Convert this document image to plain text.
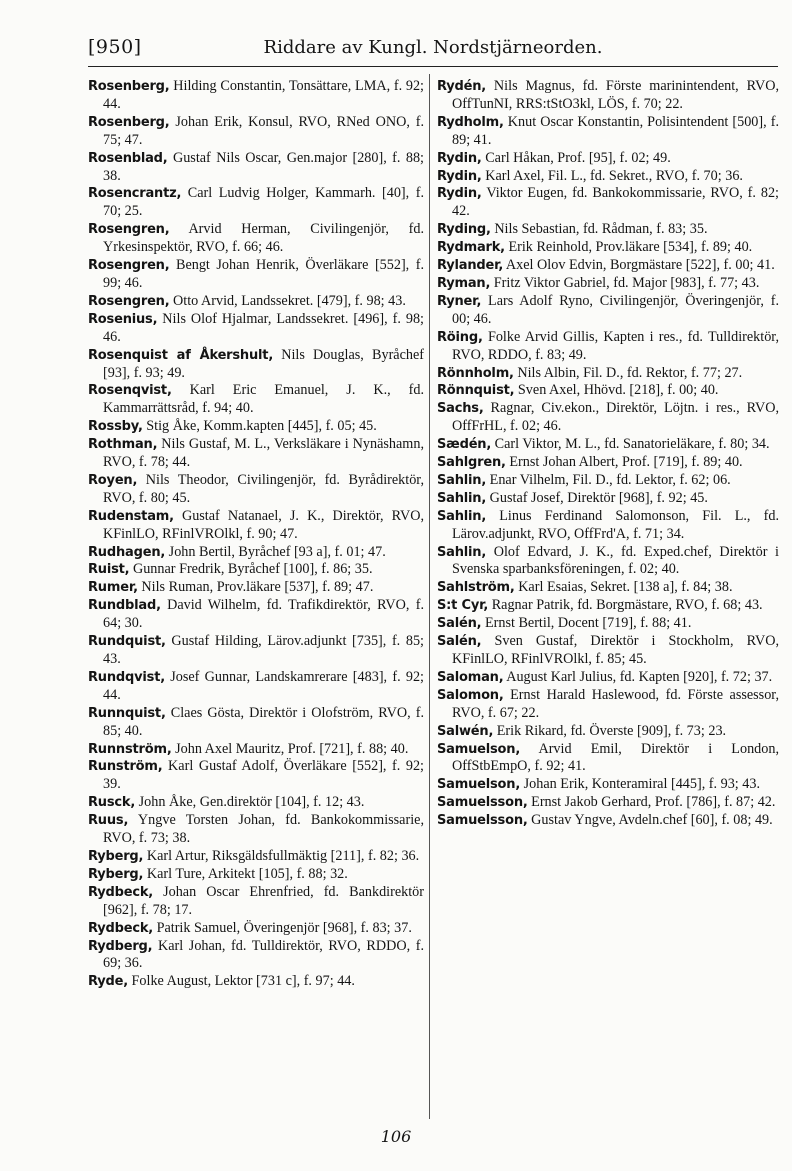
[950]	Riddare av Kungl. Nordstjärneorden.
Rosenberg, Hilding Constantin, Tonsättare, LMA, f. 92; 44.
Rosenberg, Johan Erik, Konsul, RVO, RNed ONO, f. 75; 47.
Rosenblad, Gustaf Nils Oscar, Gen.major [280], f. 88; 38.
Rosencrantz, Carl Ludvig Holger, Kammarh. [40], f. 70; 25.
Rosengren, Arvid Herman, Civilingenjör, fd. Yrkesinspektör, RVO, f. 66; 46.
Rosengren, Bengt Johan Henrik, Överläkare [552], f. 99; 46.
Rosengren, Otto Arvid, Landssekret. [479], f. 98; 43.
Rosenius, Nils Olof Hjalmar, Landssekret. [496], f. 98; 46.
Rosenquist af Åkershult, Nils Douglas, Byråchef [93], f. 93; 49.
Rosenqvist, Karl Eric Emanuel, J. K., fd. Kammarrättsråd, f. 94; 40.
Rossby, Stig Åke, Komm.kapten [445], f. 05; 45.
Rothman, Nils Gustaf, M. L., Verksläkare i Nynäshamn, RVO, f. 78; 44.
Royen, Nils Theodor, Civilingenjör, fd. Byrådirektör, RVO, f. 80; 45.
Rudenstam, Gustaf Natanael, J. K., Direktör, RVO, KFinlLO, RFinlVROlkl, f. 90; 47.
Rudhagen, John Bertil, Byråchef [93 a], f. 01; 47.
Ruist, Gunnar Fredrik, Byråchef [100], f. 86; 35.
Rumer, Nils Ruman, Prov.läkare [537], f. 89; 47.
Rundblad, David Wilhelm, fd. Trafikdirektör, RVO, f. 64; 30.
Rundquist, Gustaf Hilding, Lärov.adjunkt [735], f. 85; 43.
Rundqvist, Josef Gunnar, Landskamrerare [483], f. 92; 44.
Runnquist, Claes Gösta, Direktör i Olofström, RVO, f. 85; 40.
Runnström, John Axel Mauritz, Prof. [721], f. 88; 40.
Runström, Karl Gustaf Adolf, Överläkare [552], f. 92; 39.
Rusck, John Åke, Gen.direktör [104], f. 12; 43.
Ruus, Yngve Torsten Johan, fd. Bankokommissarie, RVO, f. 73; 38.
Ryberg, Karl Artur, Riksgäldsfullmäktig [211], f. 82; 36.
Ryberg, Karl Ture, Arkitekt [105], f. 88; 32.
Rydbeck, Johan Oscar Ehrenfried, fd. Bankdirektör [962], f. 78; 17.
Rydbeck, Patrik Samuel, Överingenjör [968], f. 83; 37.
Rydberg, Karl Johan, fd. Tulldirektör, RVO, RDDO, f. 69; 36.
Ryde, Folke August, Lektor [731 c], f. 97; 44.
Rydén, Nils Magnus, fd. Förste marinintendent, RVO, OffTunNI, RRS:tStO3kl, LÖS, f. 70; 22.
Rydholm, Knut Oscar Konstantin, Polisintendent [500], f. 89; 41.
Rydin, Carl Håkan, Prof. [95], f. 02; 49.
Rydin, Karl Axel, Fil. L., fd. Sekret., RVO, f. 70; 36.
Rydin, Viktor Eugen, fd. Bankokommissarie, RVO, f. 82; 42.
Ryding, Nils Sebastian, fd. Rådman, f. 83; 35.
Rydmark, Erik Reinhold, Prov.läkare [534], f. 89; 40.
Rylander, Axel Olov Edvin, Borgmästare [522], f. 00; 41.
Ryman, Fritz Viktor Gabriel, fd. Major [983], f. 77; 43.
Ryner, Lars Adolf Ryno, Civilingenjör, Överingenjör, f. 00; 46.
Röing, Folke Arvid Gillis, Kapten i res., fd. Tulldirektör, RVO, RDDO, f. 83; 49.
Rönnholm, Nils Albin, Fil. D., fd. Rektor, f. 77; 27.
Rönnquist, Sven Axel, Hhövd. [218], f. 00; 40.
Sachs, Ragnar, Civ.ekon., Direktör, Löjtn. i res., RVO, OffFrHL, f. 02; 46.
Sædén, Carl Viktor, M. L., fd. Sanatorieläkare, f. 80; 34.
Sahlgren, Ernst Johan Albert, Prof. [719], f. 89; 40.
Sahlin, Enar Vilhelm, Fil. D., fd. Lektor, f. 62; 06.
Sahlin, Gustaf Josef, Direktör [968], f. 92; 45.
Sahlin, Linus Ferdinand Salomonson, Fil. L., fd. Lärov.adjunkt, RVO, OffFrd'A, f. 71; 34.
Sahlin, Olof Edvard, J. K., fd. Exped.chef, Direktör i Svenska sparbanksföreningen, f. 02; 40.
Sahlström, Karl Esaias, Sekret. [138 a], f. 84; 38.
S:t Cyr, Ragnar Patrik, fd. Borgmästare, RVO, f. 68; 43.
Salén, Ernst Bertil, Docent [719], f. 88; 41.
Salén, Sven Gustaf, Direktör i Stockholm, RVO, KFinlLO, RFinlVROlkl, f. 85; 45.
Saloman, August Karl Julius, fd. Kapten [920], f. 72; 37.
Salomon, Ernst Harald Haslewood, fd. Förste assessor, RVO, f. 67; 22.
Salwén, Erik Rikard, fd. Överste [909], f. 73; 23.
Samuelson, Arvid Emil, Direktör i London, OffStbEmpO, f. 92; 41.
Samuelson, Johan Erik, Konteramiral [445], f. 93; 43.
Samuelsson, Ernst Jakob Gerhard, Prof. [786], f. 87; 42.
Samuelsson, Gustav Yngve, Avdeln.chef [60], f. 08; 49.
106
